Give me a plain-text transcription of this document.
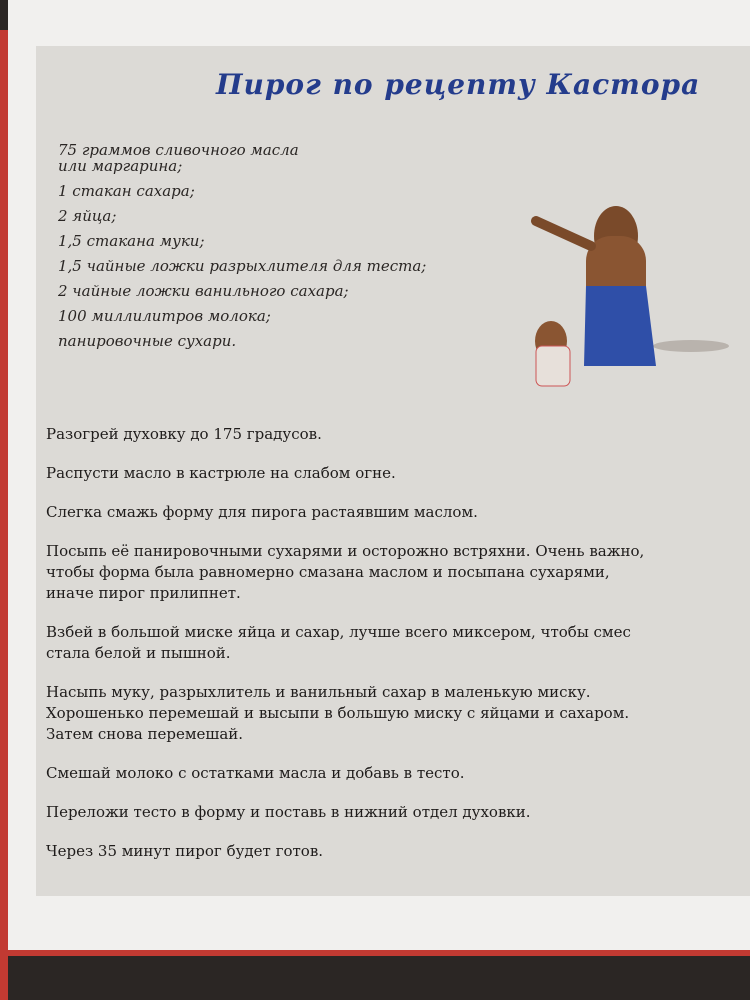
Пирог по рецепту Кастора
75 граммов сливочного масла
или маргарина;
1 стакан сахара;
2 яйца;
1,5 стакана муки;
1,5 чайные ложки разрыхлителя для теста;
2 чайные ложки ванильного сахара;
100 миллилитров молока;
панировочные сухари.

Разогрей духовку до 175 градусов.

Распусти масло в кастрюле на слабом огне.

Слегка смажь форму для пирога растаявшим маслом.

Посыпь её панировочными сухарями и осторожно встряхни. Очень важно,
чтобы форма была равномерно смазана маслом и посыпана сухарями,
иначе пирог прилипнет.

Взбей в большой миске яйца и сахар, лучше всего миксером, чтобы смес
стала белой и пышной.

Насыпь муку, разрыхлитель и ванильный сахар в маленькую миску.
Хорошенько перемешай и высыпи в большую миску с яйцами и сахаром.
Затем снова перемешай.

Смешай молоко с остатками масла и добавь в тесто.

Переложи тесто в форму и поставь в нижний отдел духовки.

Через 35 минут пирог будет готов.
